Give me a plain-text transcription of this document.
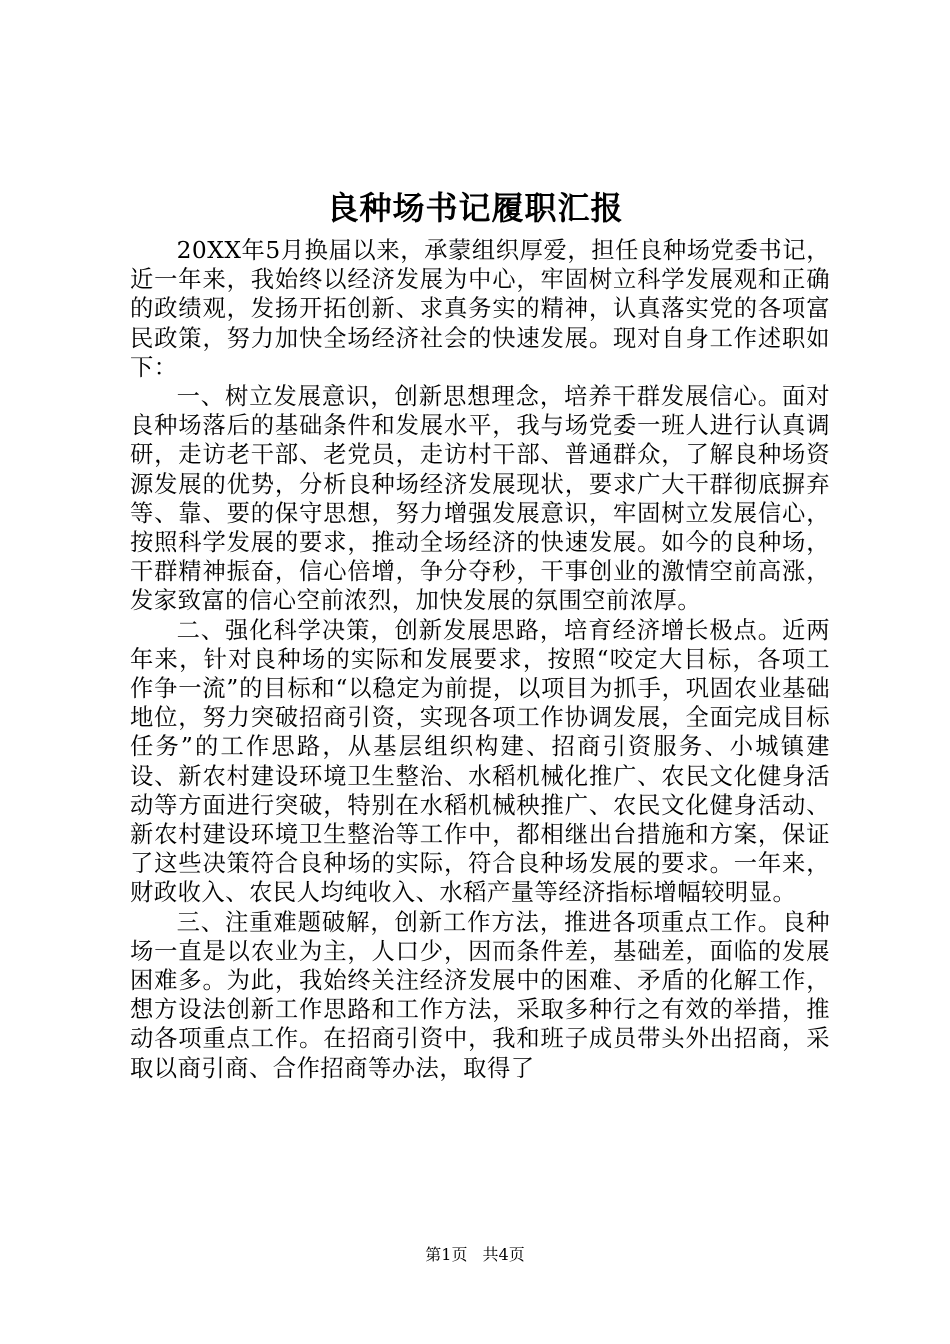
良种场书记履职汇报

20XX年5月换届以来，承蒙组织厚爱，担任良种场党委书记，近一年来，我始终以经济发展为中心，牢固树立科学发展观和正确的政绩观，发扬开拓创新、求真务实的精神，认真落实党的各项富民政策，努力加快全场经济社会的快速发展。现对自身工作述职如下：

一、树立发展意识，创新思想理念，培养干群发展信心。面对良种场落后的基础条件和发展水平，我与场党委一班人进行认真调研，走访老干部、老党员，走访村干部、普通群众，了解良种场资源发展的优势，分析良种场经济发展现状，要求广大干群彻底摒弃等、靠、要的保守思想，努力增强发展意识，牢固树立发展信心，按照科学发展的要求，推动全场经济的快速发展。如今的良种场，干群精神振奋，信心倍增，争分夺秒，干事创业的激情空前高涨，发家致富的信心空前浓烈，加快发展的氛围空前浓厚。

二、强化科学决策，创新发展思路，培育经济增长极点。近两年来，针对良种场的实际和发展要求，按照“咬定大目标，各项工作争一流”的目标和“以稳定为前提，以项目为抓手，巩固农业基础地位，努力突破招商引资，实现各项工作协调发展，全面完成目标任务”的工作思路，从基层组织构建、招商引资服务、小城镇建设、新农村建设环境卫生整治、水稻机械化推广、农民文化健身活动等方面进行突破，特别在水稻机械秧推广、农民文化健身活动、新农村建设环境卫生整治等工作中，都相继出台措施和方案，保证了这些决策符合良种场的实际，符合良种场发展的要求。一年来，财政收入、农民人均纯收入、水稻产量等经济指标增幅较明显。

三、注重难题破解，创新工作方法，推进各项重点工作。良种场一直是以农业为主，人口少，因而条件差，基础差，面临的发展困难多。为此，我始终关注经济发展中的困难、矛盾的化解工作，想方设法创新工作思路和工作方法，采取多种行之有效的举措，推动各项重点工作。在招商引资中，我和班子成员带头外出招商，采取以商引商、合作招商等办法，取得了

第1页 共4页
